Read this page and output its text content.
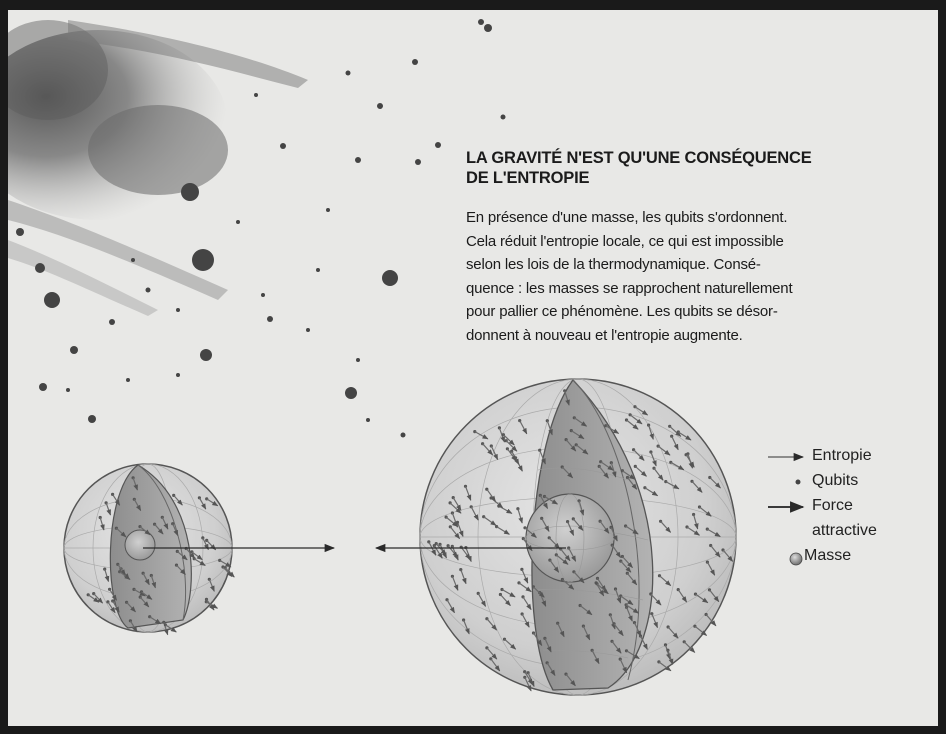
LA GRAVITÉ N'EST QU'UNE CONSÉQUENCE
DE L'ENTROPIE
En présence d'une masse, les qubits s'ordonnent.
Cela réduit l'entropie locale, ce qui est impossible
selon les lois de la thermodynamique. Consé-
quence : les masses se rapprochent naturellement
pour pallier ce phénomène. Les qubits se désor-
donnent à nouveau et l'entropie augmente.
Entropie
Qubits
Force
attractive
Masse
